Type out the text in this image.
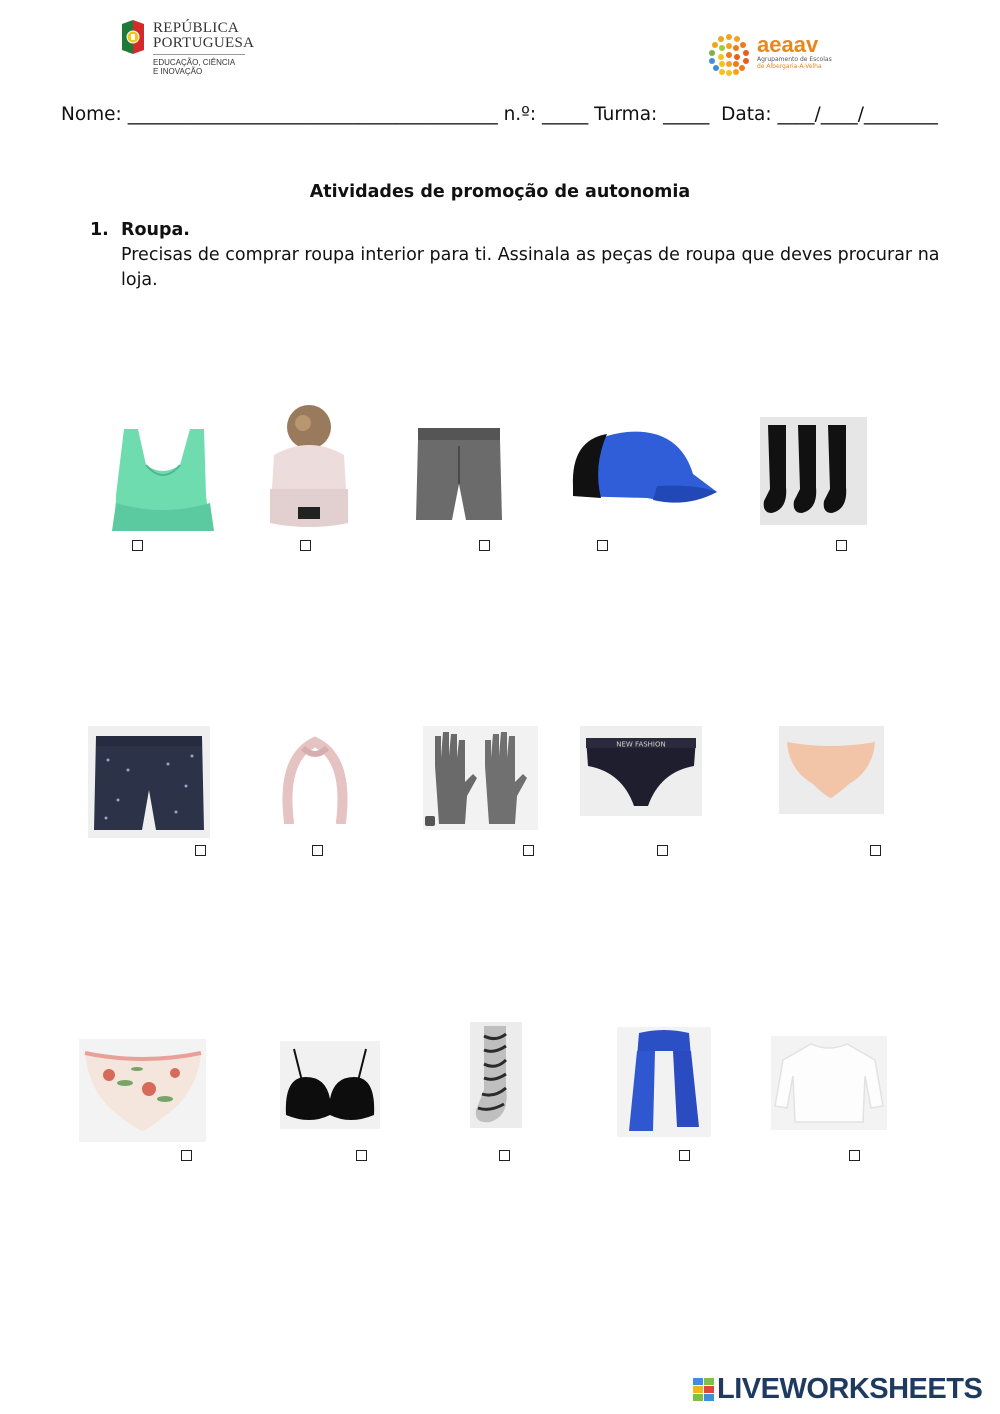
REPÚBLICA
PORTUGUESA
EDUCAÇÃO, CIÊNCIA
E INOVAÇÃO
aeaav
Agrupamento de Escolas
de Albergaria-A-Velha
Nome: ________________________________________ n.º: _____ Turma: _____ Data: ____/____/________
Atividades de promoção de autonomia
1. Roupa.
Precisas de comprar roupa interior para ti. Assinala as peças de roupa que deves procurar na loja.
NEW FASHION
LIVEWORKSHEETS
